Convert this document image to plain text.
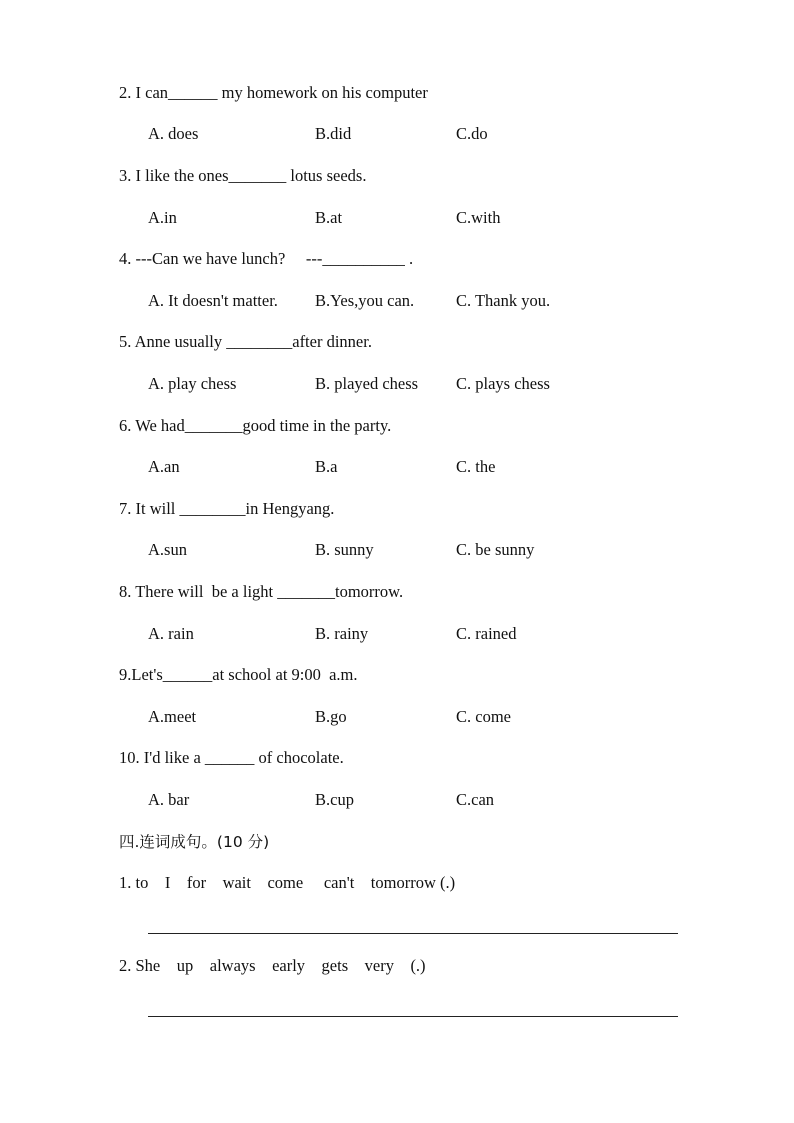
2. I can______ my homework on his computer
A. does	B.did	C.do
3. I like the ones_______ lotus seeds.
A.in	B.at	C.with
4. ---Can we have lunch?     ---__________ .
A. It doesn't matter. B.Yes,you can.	C. Thank you.
5. Anne usually ________after dinner.
A. play chess	B. played chess C. plays chess
6. We had_______good time in the party.
A.an	B.a	C. the
7. It will ________in Hengyang.
A.sun	B. sunny	C. be sunny
8. There will  be a light _______tomorrow.
A. rain	B. rainy	C. rained
9.Let's______at school at 9:00  a.m.
A.meet	B.go	C. come
10. I'd like a ______ of chocolate.
A. bar	B.cup	C.can
四.连词成句。(10 分)
1. to    I    for    wait    come     can't    tomorrow (.)
2. She    up    always    early    gets    very    (.)
